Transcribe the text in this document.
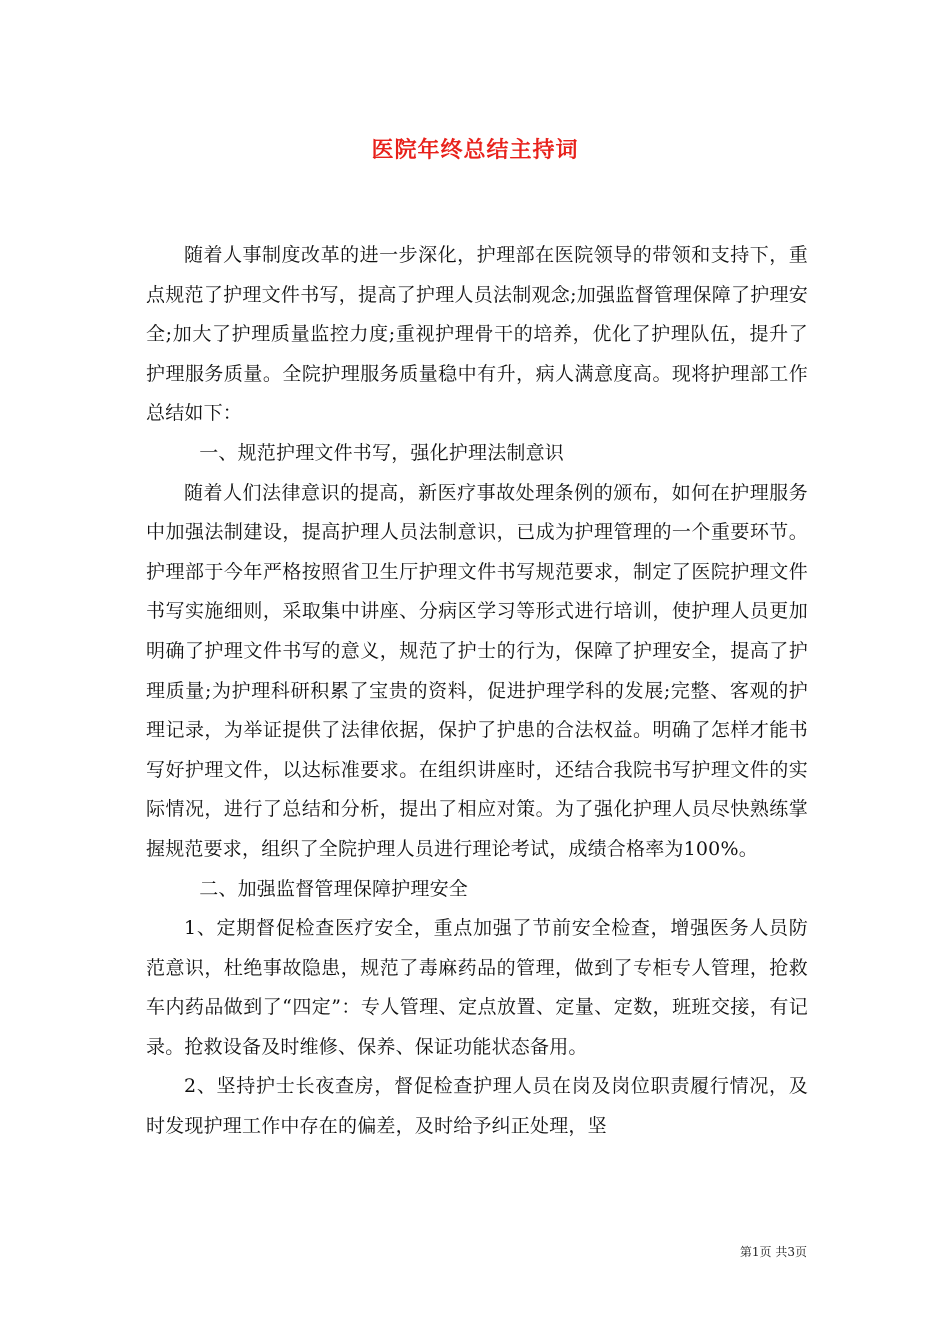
医院年终总结主持词

随着人事制度改革的进一步深化，护理部在医院领导的带领和支持下，重点规范了护理文件书写，提高了护理人员法制观念;加强监督管理保障了护理安全;加大了护理质量监控力度;重视护理骨干的培养，优化了护理队伍，提升了护理服务质量。全院护理服务质量稳中有升，病人满意度高。现将护理部工作总结如下：

一、规范护理文件书写，强化护理法制意识

随着人们法律意识的提高，新医疗事故处理条例的颁布，如何在护理服务中加强法制建设，提高护理人员法制意识，已成为护理管理的一个重要环节。护理部于今年严格按照省卫生厅护理文件书写规范要求，制定了医院护理文件书写实施细则，采取集中讲座、分病区学习等形式进行培训，使护理人员更加明确了护理文件书写的意义，规范了护士的行为，保障了护理安全，提高了护理质量;为护理科研积累了宝贵的资料，促进护理学科的发展;完整、客观的护理记录，为举证提供了法律依据，保护了护患的合法权益。明确了怎样才能书写好护理文件，以达标准要求。在组织讲座时，还结合我院书写护理文件的实际情况，进行了总结和分析，提出了相应对策。为了强化护理人员尽快熟练掌握规范要求，组织了全院护理人员进行理论考试，成绩合格率为100%。

二、加强监督管理保障护理安全

1、定期督促检查医疗安全，重点加强了节前安全检查，增强医务人员防范意识，杜绝事故隐患，规范了毒麻药品的管理，做到了专柜专人管理，抢救车内药品做到了“四定”：专人管理、定点放置、定量、定数，班班交接，有记录。抢救设备及时维修、保养、保证功能状态备用。

2、坚持护士长夜查房，督促检查护理人员在岗及岗位职责履行情况，及时发现护理工作中存在的偏差，及时给予纠正处理，坚

第1页 共3页
